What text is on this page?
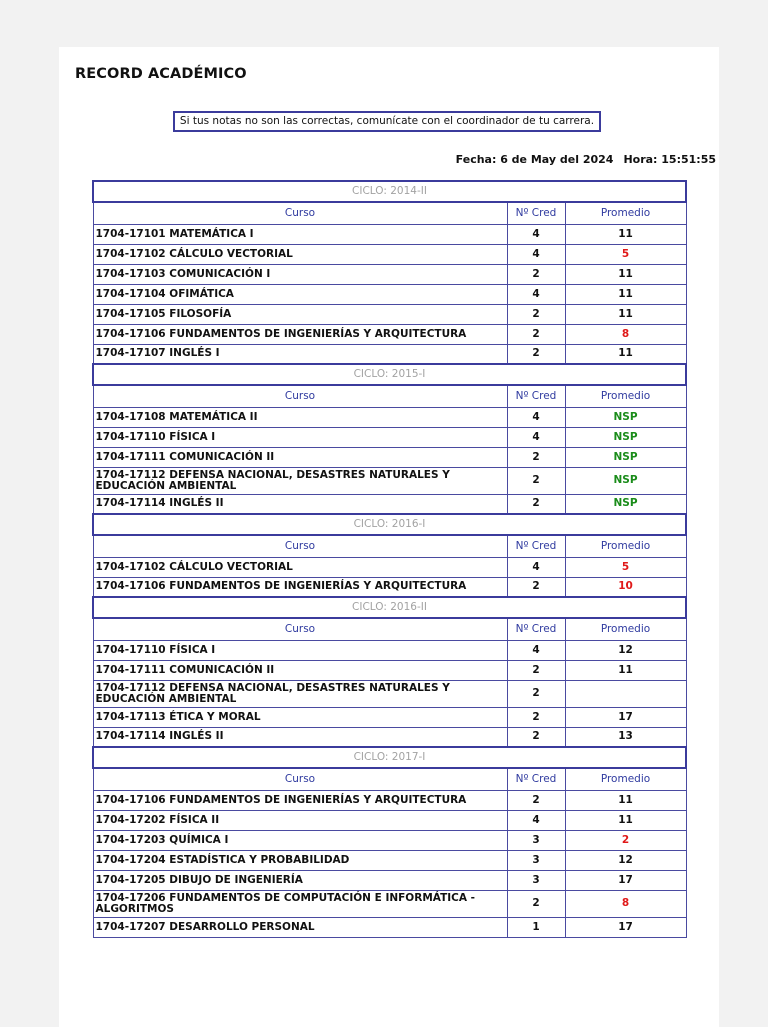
RECORD ACADÉMICO
Si tus notas no son las correctas, comunícate con el coordinador de tu carrera.
Fecha: 6 de May del 2024 Hora: 15:51:55
CICLO: 2014-II		
Curso	Nº Cred	Promedio
1704-17101 MATEMÁTICA I	4	11
1704-17102 CÁLCULO VECTORIAL	4	5
1704-17103 COMUNICACIÓN I	2	11
1704-17104 OFIMÁTICA	4	11
1704-17105 FILOSOFÍA	2	11
1704-17106 FUNDAMENTOS DE INGENIERÍAS Y ARQUITECTURA	2	8
1704-17107 INGLÉS I	2	11
CICLO: 2015-I		
Curso	Nº Cred	Promedio
1704-17108 MATEMÁTICA II	4	NSP
1704-17110 FÍSICA I	4	NSP
1704-17111 COMUNICACIÓN II	2	NSP
1704-17112 DEFENSA NACIONAL, DESASTRES NATURALES Y EDUCACIÓN AMBIENTAL	2	NSP
1704-17114 INGLÉS II	2	NSP
CICLO: 2016-I		
Curso	Nº Cred	Promedio
1704-17102 CÁLCULO VECTORIAL	4	5
1704-17106 FUNDAMENTOS DE INGENIERÍAS Y ARQUITECTURA	2	10
CICLO: 2016-II		
Curso	Nº Cred	Promedio
1704-17110 FÍSICA I	4	12
1704-17111 COMUNICACIÓN II	2	11
1704-17112 DEFENSA NACIONAL, DESASTRES NATURALES Y EDUCACIÓN AMBIENTAL	2	
1704-17113 ÉTICA Y MORAL	2	17
1704-17114 INGLÉS II	2	13
CICLO: 2017-I		
Curso	Nº Cred	Promedio
1704-17106 FUNDAMENTOS DE INGENIERÍAS Y ARQUITECTURA	2	11
1704-17202 FÍSICA II	4	11
1704-17203 QUÍMICA I	3	2
1704-17204 ESTADÍSTICA Y PROBABILIDAD	3	12
1704-17205 DIBUJO DE INGENIERÍA	3	17
1704-17206 FUNDAMENTOS DE COMPUTACIÓN E INFORMÁTICA - ALGORITMOS	2	8
1704-17207 DESARROLLO PERSONAL	1	17
